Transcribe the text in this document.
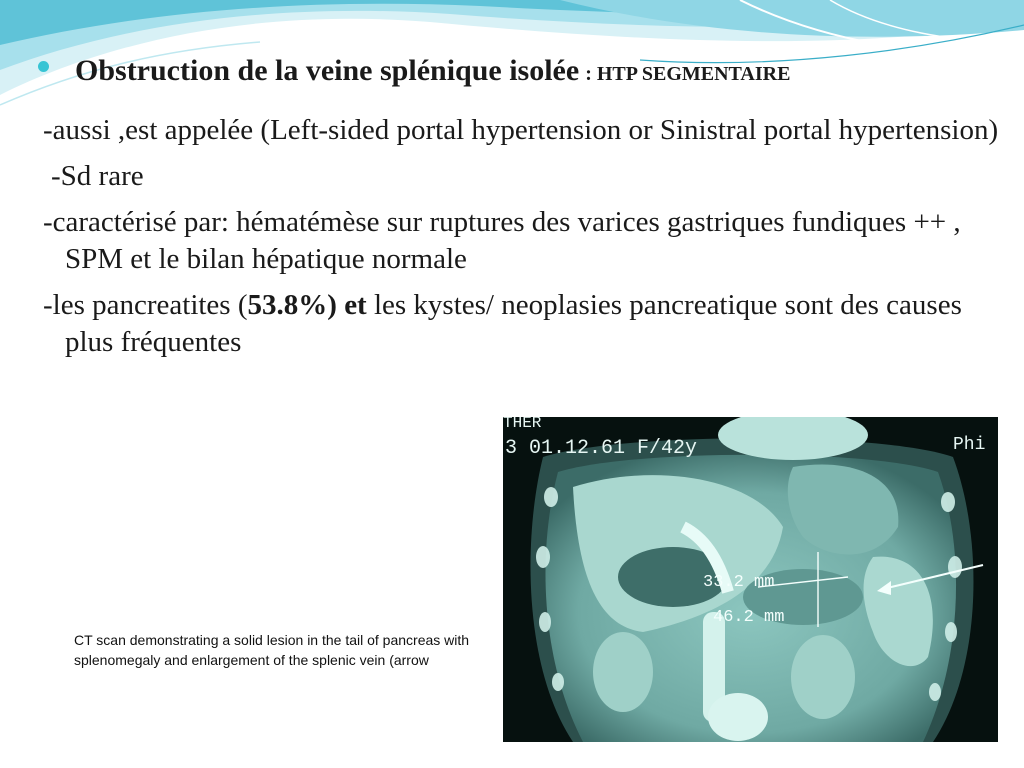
Obstruction de la veine splénique isolée : HTP SEGMENTAIRE

-aussi ,est appelée (Left-sided portal hypertension or Sinistral portal hypertension)

-Sd rare

-caractérisé par: hématémèse sur ruptures des varices gastriques fundiques ++ , SPM et le bilan hépatique normale

-les pancreatites (53.8%) et les kystes/ neoplasies pancreatique sont des causes plus fréquentes

THER
3 01.12.61 F/42y	Phi
33.2 mm
46.2 mm
CT scan demonstrating a solid lesion in the tail of pancreas with splenomegaly and enlargement of the splenic vein (arrow
